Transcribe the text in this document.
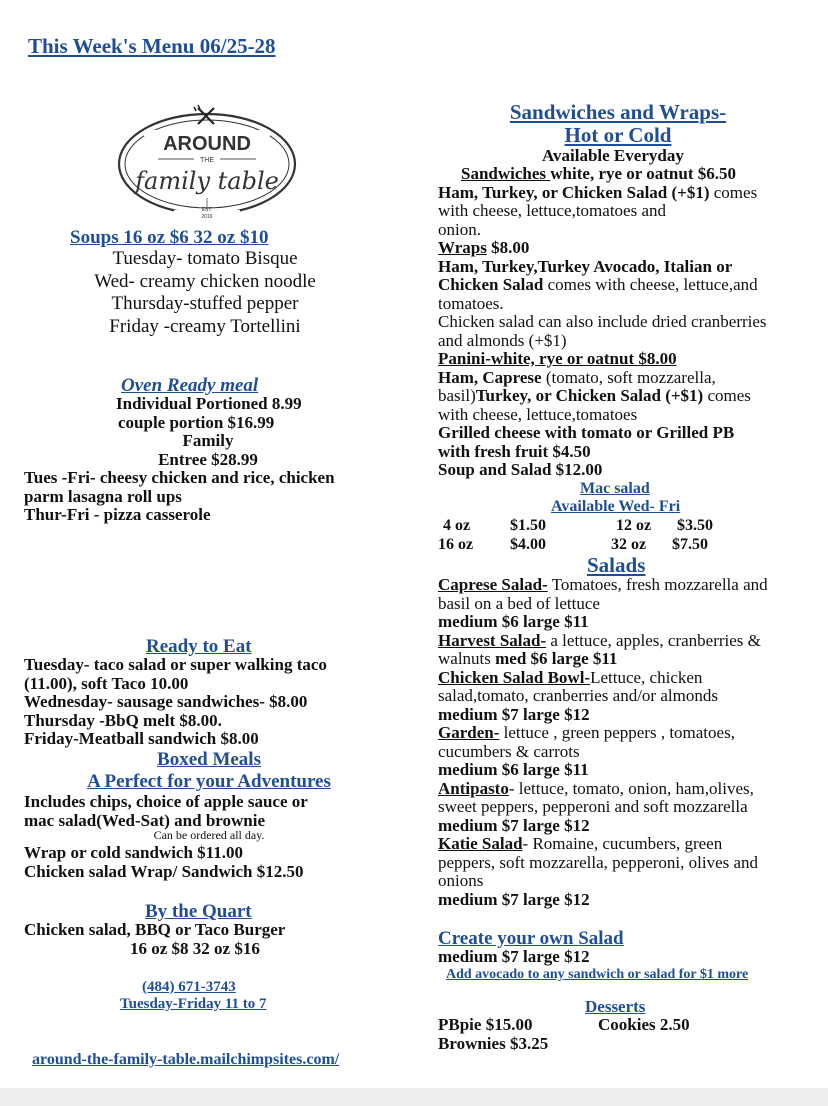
This Week's Menu 06/25-28
AROUND
THE
family table
EST.
2016
Soups 16 oz $6 32 oz $10
Tuesday- tomato Bisque
Wed- creamy chicken noodle
Thursday-stuffed pepper
Friday -creamy Tortellini
Oven Ready meal
Individual Portioned 8.99
couple portion $16.99
Family
Entree $28.99
Tues -Fri- cheesy chicken and rice, chicken
parm lasagna roll ups
Thur-Fri - pizza casserole
Ready to Eat
Tuesday- taco salad or super walking taco
(11.00), soft Taco 10.00
Wednesday- sausage sandwiches- $8.00
Thursday -BbQ melt $8.00.
Friday-Meatball sandwich $8.00
Boxed Meals
A Perfect for your Adventures
Includes chips, choice of apple sauce or
mac salad(Wed-Sat) and brownie
Can be ordered all day.
Wrap or cold sandwich $11.00
Chicken salad Wrap/ Sandwich $12.50
By the Quart
Chicken salad, BBQ or Taco Burger
16 oz $8 32 oz $16
(484) 671-3743
Tuesday-Friday 11 to 7
around-the-family-table.mailchimpsites.com/
Sandwiches and Wraps-
Hot or Cold
Available Everyday
Sandwiches white, rye or oatnut $6.50
Ham, Turkey, or Chicken Salad (+$1) comes
with cheese, lettuce,tomatoes and
onion.
Wraps $8.00
Ham, Turkey,Turkey Avocado, Italian or
Chicken Salad comes with cheese, lettuce,and
tomatoes.
Chicken salad can also include dried cranberries
and almonds (+$1)
Panini-white, rye or oatnut $8.00
Ham, Caprese (tomato, soft mozzarella,
basil)Turkey, or Chicken Salad (+$1) comes
with cheese, lettuce,tomatoes
Grilled cheese with tomato or Grilled PB
with fresh fruit $4.50
Soup and Salad $12.00
Mac salad
Available Wed- Fri
4 oz	$1.50	12 oz	$3.50
16 oz	$4.00	32 oz	$7.50
Salads
Caprese Salad- Tomatoes, fresh mozzarella and
basil on a bed of lettuce
medium $6 large $11
Harvest Salad- a lettuce, apples, cranberries &
walnuts med $6 large $11
Chicken Salad Bowl-Lettuce, chicken
salad,tomato, cranberries and/or almonds
medium $7 large $12
Garden- lettuce , green peppers , tomatoes,
cucumbers & carrots
medium $6 large $11
Antipasto- lettuce, tomato, onion, ham,olives,
sweet peppers, pepperoni and soft mozzarella
medium $7 large $12
Katie Salad- Romaine, cucumbers, green
peppers, soft mozzarella, pepperoni, olives and
onions
medium $7 large $12
Create your own Salad
medium $7 large $12
Add avocado to any sandwich or salad for $1 more
Desserts
PBpie $15.00	Cookies 2.50
Brownies $3.25
